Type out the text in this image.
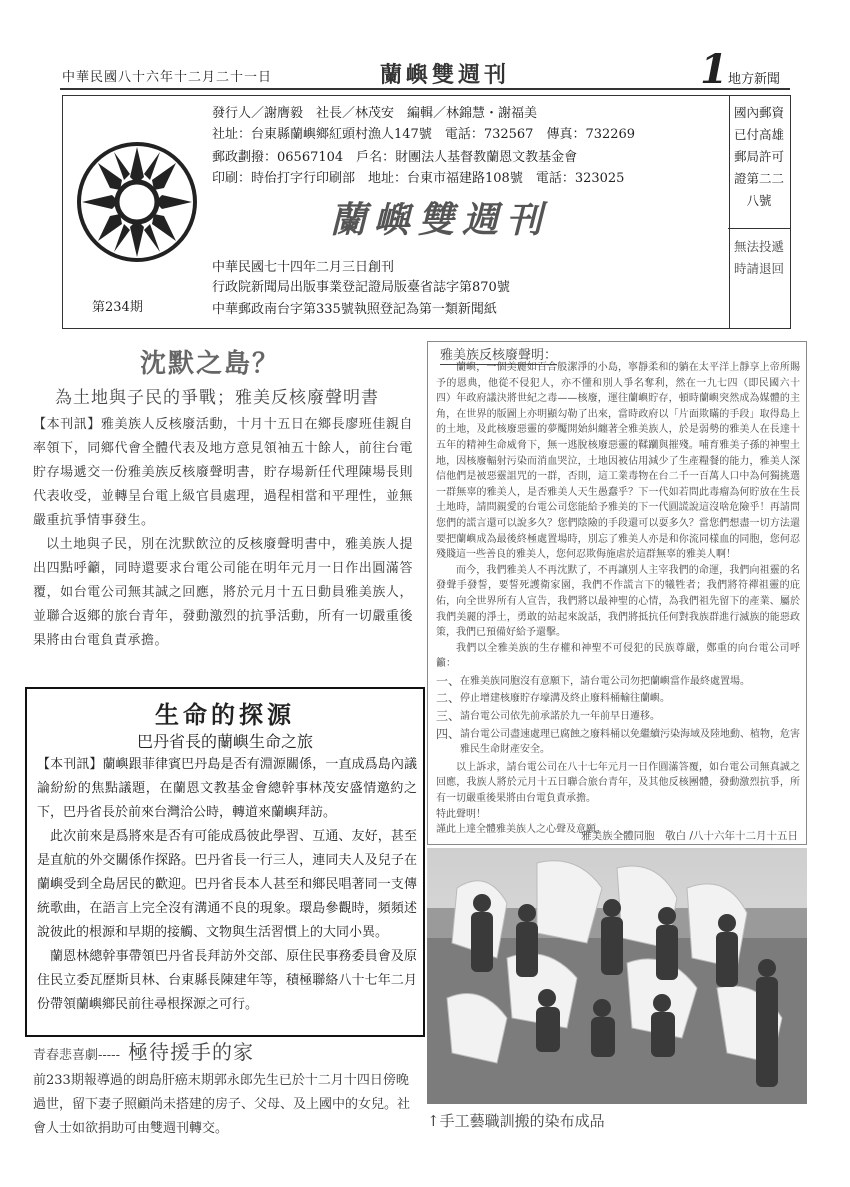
中華民國八十六年十二月二十一日	蘭嶼雙週刊	1 地方新聞
國內郵資已付高雄郵局許可證第二二八號
無法投遞時請退回
第234期
發行人／謝膺毅　社長／林茂安　編輯／林錦慧・謝福美
社址：台東縣蘭嶼鄉紅頭村漁人147號　電話：732567　傳真：732269
郵政劃撥：06567104　戶名：財團法人基督教蘭恩文教基金會
印刷：時佁打字行印刷部　地址：台東市福建路108號　電話：323025
蘭嶼雙週刊
中華民國七十四年二月三日創刊
行政院新聞局出版事業登記證局版臺省誌字第870號
中華郵政南台字第335號執照登記為第一類新聞紙
沈默之島？
為土地與子民的爭戰；雅美反核廢聲明書

【本刊訊】雅美族人反核廢活動，十月十五日在鄉長廖班佳親自率領下，同鄉代會全體代表及地方意見領袖五十餘人，前往台電貯存場遞交一份雅美族反核廢聲明書，貯存場新任代理陳場長則代表收受，並轉呈台電上級官員處理，過程相當和平理性，並無嚴重抗爭情事發生。

以土地與子民，別在沈默飲泣的反核廢聲明書中，雅美族人提出四點呼籲，同時還要求台電公司能在明年元月一日作出圓滿答覆，如台電公司無其誠之回應，將於元月十五日動員雅美族人，並聯合返鄉的旅台青年，發動激烈的抗爭活動，所有一切嚴重後果將由台電負責承擔。

生命的探源
巴丹省長的蘭嶼生命之旅

【本刊訊】蘭嶼跟菲律賓巴丹島是否有淵源關係，一直成爲島內議論紛紛的焦點議題，在蘭恩文教基金會總幹事林茂安盛情邀約之下，巴丹省長於前來台灣洽公時，轉道來蘭嶼拜訪。

此次前來是爲將來是否有可能成爲彼此學習、互通、友好，甚至是直航的外交關係作探路。巴丹省長一行三人，連同夫人及兒子在蘭嶼受到全島居民的歡迎。巴丹省長本人甚至和鄉民唱著同一支傳統歌曲，在語言上完全沒有溝通不良的現象。環島參觀時，頻頻述說彼此的根源和早期的接觸、文物與生活習慣上的大同小異。

蘭恩林總幹事帶領巴丹省長拜訪外交部、原住民事務委員會及原住民立委瓦歷斯貝林、台東縣長陳建年等，積極聯絡八十七年二月份帶領蘭嶼鄉民前往尋根探源之可行。

青春悲喜劇----- 極待援手的家
前233期報導過的朗島肝癌末期郭永郎先生已於十二月十四日傍晚過世，留下妻子照顧尚未搭建的房子、父母、及上國中的女兒。社會人士如欲捐助可由雙週刊轉交。
雅美族反核廢聲明：

蘭嶼，一個美麗如百合般潔淨的小島，寧靜柔和的躺在太平洋上靜享上帝所賜予的恩典，他從不侵犯人，亦不懂和別人爭名奪利，然在一九七四（即民國六十四）年政府議決將世紀之毒——核廢，運往蘭嶼貯存，頓時蘭嶼突然成為媒體的主角，在世界的版圖上亦明顯勾勒了出來，當時政府以「片面欺瞞的手段」取得島上的土地，及此核廢惡靈的夢魘開始糾纏著全雅美族人，於是弱勢的雅美人在長達十五年的精神生命威脅下，無一逃脫核廢惡靈的鞣躪與摧殘。哺育雅美子孫的神聖土地，因核廢輻射污染而消血哭泣，土地因被佔用減少了生產糧餐的能力，雅美人深信他們是被惡靈詛咒的一群，否則，這工業毒物在台二千一百萬人口中為何獨挑選一群無辜的雅美人，是否雅美人天生愚蠢乎？下一代如若問此毒瘤為何貯放在生長土地時，請問親愛的台電公司您能給予雅美的下一代圓謊說這沒啥危險乎！再請問您們的謊言還可以說多久？您們陰險的手段還可以耍多久？當您們想盡一切方法還要把蘭嶼成為最後終極處置場時，別忘了雅美人亦是和你流同樣血的同胞，您何忍殘賤這一些善良的雅美人，您何忍欺侮施虐於這群無辜的雅美人啊！

而今，我們雅美人不再沈默了，不再讓別人主宰我們的命運，我們向祖靈的名發聲手發誓，要誓死護衛家園，我們不作謊言下的犧牲者；我們將符禪祖靈的庇佑，向全世界所有人宣告，我們將以最神聖的心情，為我們祖先留下的產業、屬於我們美麗的淨土，勇敢的站起來說話，我們將抵抗任何對我族群進行滅族的能惡政策，我們已預備好給予還擊。

我們以全雅美族的生存權和神聖不可侵犯的民族尊嚴，鄭重的向台電公司呼籲：

一、 在雅美族同胞沒有意願下，請台電公司勿把蘭嶼當作最終處置場。
二、 停止增建核廢貯存壕溝及終止廢料桶輸往蘭嶼。
三、 請台電公司依先前承諾於九一年前早日遷移。
四、 請台電公司盡速處理已腐蝕之廢料桶以免繼續污染海域及陸地動、植物，危害雅民生命財產安全。

以上訴求，請台電公司在八十七年元月一日作圓滿答覆，如台電公司無真誠之回應，我族人將於元月十五日聯合旅台青年，及其他反核團體，發動激烈抗爭，所有一切嚴重後果將由台電負責承擔。

特此聲明！

謹此上達全體雅美族人之心聲及意願。

雅美族全體同胞　敬白 /八十六年十二月十五日
↑手工藝職訓搬的染布成品
